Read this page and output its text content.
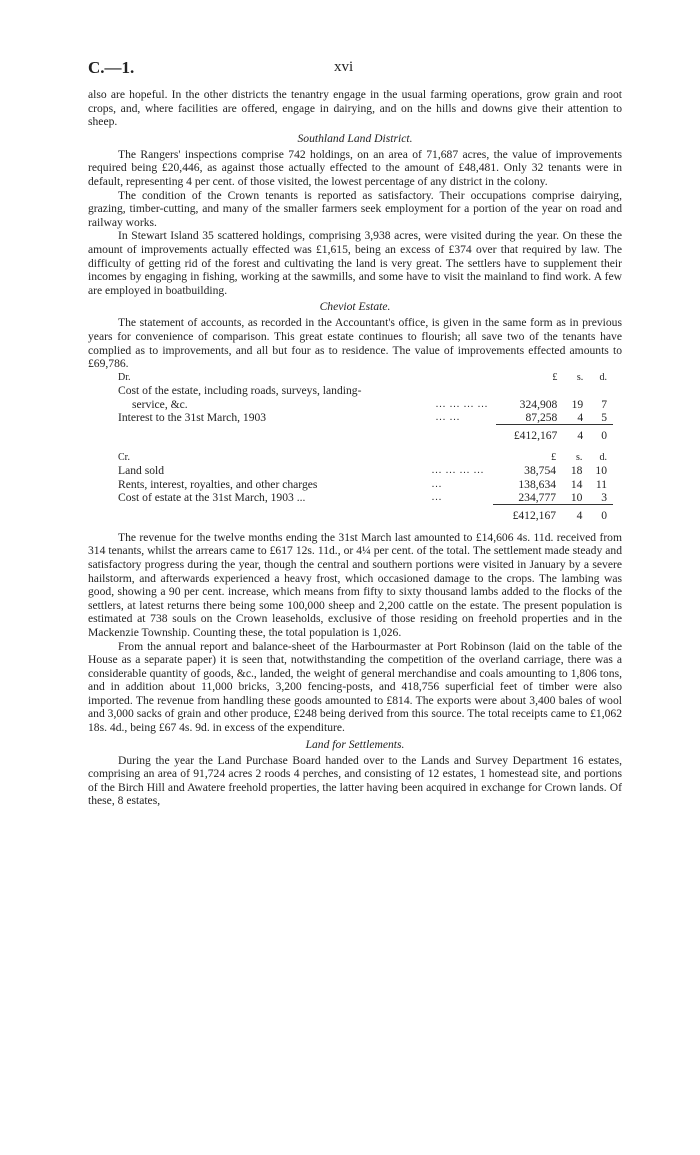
C.—1.	xvi

also are hopeful. In the other districts the tenantry engage in the usual farming operations, grow grain and root crops, and, where facilities are offered, engage in dairying, and on the hills and downs give their attention to sheep.

Southland Land District.

The Rangers' inspections comprise 742 holdings, on an area of 71,687 acres, the value of improvements required being £20,446, as against those actually effected to the amount of £48,481. Only 32 tenants were in default, representing 4 per cent. of those visited, the lowest percentage of any district in the colony.

The condition of the Crown tenants is reported as satisfactory. Their occupations comprise dairying, grazing, timber-cutting, and many of the smaller farmers seek employment for a portion of the year on road and railway works.

In Stewart Island 35 scattered holdings, comprising 3,938 acres, were visited during the year. On these the amount of improvements actually effected was £1,615, being an excess of £374 over that required by law. The difficulty of getting rid of the forest and cultivating the land is very great. The settlers have to supplement their incomes by engaging in fishing, working at the sawmills, and some have to visit the mainland to find work. A few are employed in boatbuilding.

Cheviot Estate.

The statement of accounts, as recorded in the Accountant's office, is given in the same form as in previous years for convenience of comparison. This great estate continues to flourish; all save two of the tenants have complied as to improvements, and all but four as to residence. The value of improvements effected amounts to £69,786.

Dr.		£	s.	d.
Cost of the estate, including roads, surveys, landing-				
service, &c.	... ... ... ...	324,908	19	7
Interest to the 31st March, 1903	... ...	87,258	4	5
		£412,167	4	0
Cr.		£	s.	d.
Land sold	... ... ... ...	38,754	18	10
Rents, interest, royalties, and other charges	...	138,634	14	11
Cost of estate at the 31st March, 1903 ...	...	234,777	10	3
		£412,167	4	0

The revenue for the twelve months ending the 31st March last amounted to £14,606 4s. 11d. received from 314 tenants, whilst the arrears came to £617 12s. 11d., or 4¼ per cent. of the total. The settlement made steady and satisfactory progress during the year, though the central and southern portions were visited in January by a severe hailstorm, and afterwards experienced a heavy frost, which occasioned damage to the crops. The lambing was good, showing a 90 per cent. increase, which means from fifty to sixty thousand lambs added to the flocks of the settlers, at latest returns there being some 100,000 sheep and 2,200 cattle on the estate. The present population is estimated at 738 souls on the Crown leaseholds, exclusive of those residing on freehold properties and in the Mackenzie Township. Counting these, the total population is 1,026.

From the annual report and balance-sheet of the Harbourmaster at Port Robinson (laid on the table of the House as a separate paper) it is seen that, notwithstanding the competition of the overland carriage, there was a considerable quantity of goods, &c., landed, the weight of general merchandise and coals amounting to 1,806 tons, and in addition about 11,000 bricks, 3,200 fencing-posts, and 418,756 superficial feet of timber were also imported. The revenue from handling these goods amounted to £814. The exports were about 3,400 bales of wool and 3,000 sacks of grain and other produce, £248 being derived from this source. The total receipts came to £1,062 18s. 4d., being £67 4s. 9d. in excess of the expenditure.

Land for Settlements.

During the year the Land Purchase Board handed over to the Lands and Survey Department 16 estates, comprising an area of 91,724 acres 2 roods 4 perches, and consisting of 12 estates, 1 homestead site, and portions of the Birch Hill and Awatere freehold properties, the latter having been acquired in exchange for Crown lands. Of these, 8 estates,
